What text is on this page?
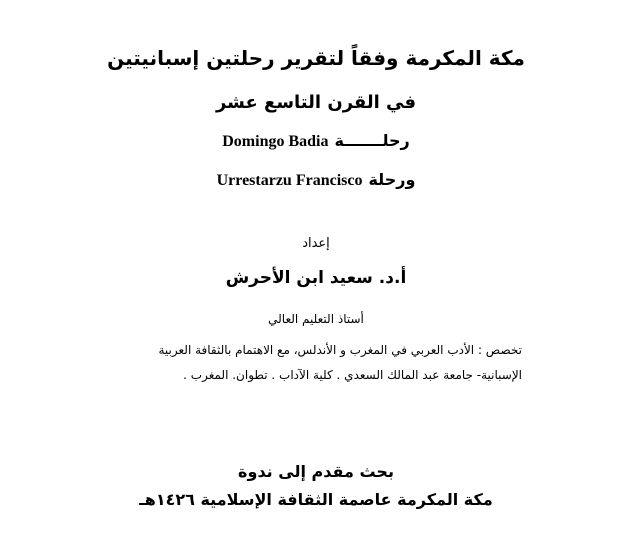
مكة المكرمة وفقاً لتقرير رحلتين إسبانيتين
في القرن التاسع عشر
رحلـــــــةDomingo Badia
ورحلةUrrestarzu Francisco
إعداد
أ.د. سعيد ابن الأحرش
أستاذ التعليم العالي
تخصص : الأدب العربي في المغرب و الأندلس، مع الاهتمام بالثقافة العربية
الإسبانية- جامعة عبد المالك السعدي . كلية الآداب . تطوان. المغرب .
بحث مقدم إلى ندوة
مكة المكرمة عاصمة الثقافة الإسلامية ١٤٢٦هـ
